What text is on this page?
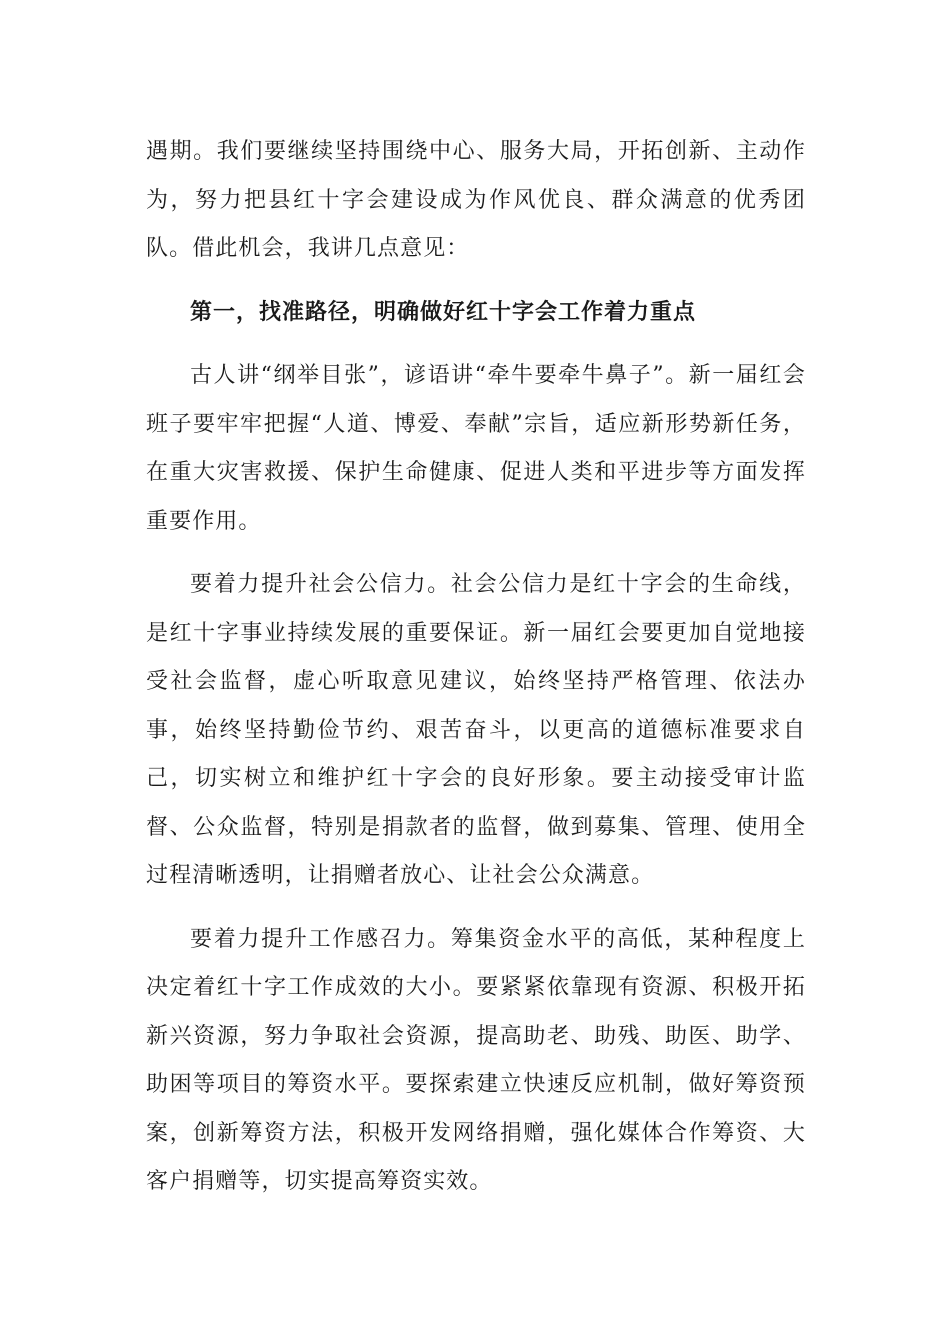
遇期。我们要继续坚持围绕中心、服务大局，开拓创新、主动作为，努力把县红十字会建设成为作风优良、群众满意的优秀团队。借此机会，我讲几点意见：

第一，找准路径，明确做好红十字会工作着力重点

古人讲“纲举目张”，谚语讲“牵牛要牵牛鼻子”。新一届红会班子要牢牢把握“人道、博爱、奉献”宗旨，适应新形势新任务，在重大灾害救援、保护生命健康、促进人类和平进步等方面发挥重要作用。

要着力提升社会公信力。社会公信力是红十字会的生命线，是红十字事业持续发展的重要保证。新一届红会要更加自觉地接受社会监督，虚心听取意见建议，始终坚持严格管理、依法办事，始终坚持勤俭节约、艰苦奋斗，以更高的道德标准要求自己，切实树立和维护红十字会的良好形象。要主动接受审计监督、公众监督，特别是捐款者的监督，做到募集、管理、使用全过程清晰透明，让捐赠者放心、让社会公众满意。

要着力提升工作感召力。筹集资金水平的高低，某种程度上决定着红十字工作成效的大小。要紧紧依靠现有资源、积极开拓新兴资源，努力争取社会资源，提高助老、助残、助医、助学、助困等项目的筹资水平。要探索建立快速反应机制，做好筹资预案，创新筹资方法，积极开发网络捐赠，强化媒体合作筹资、大客户捐赠等，切实提高筹资实效。
